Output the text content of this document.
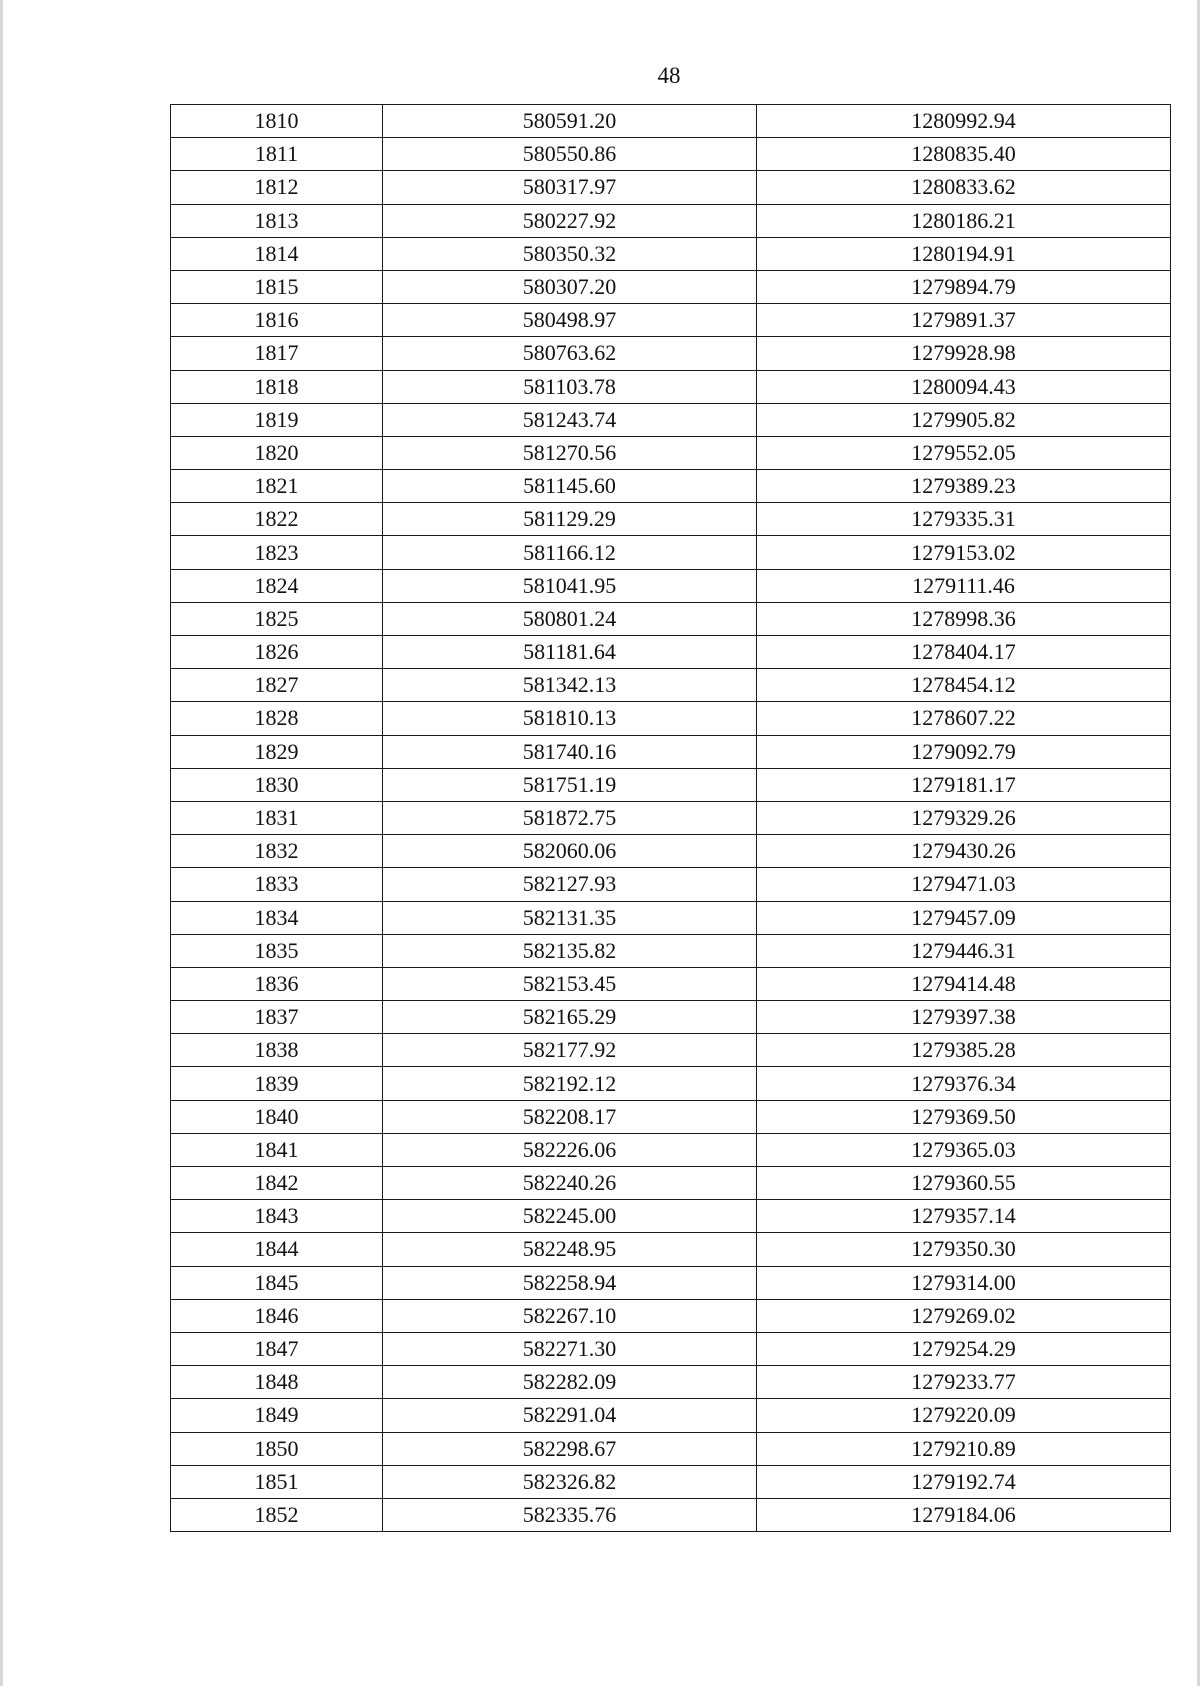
48
1810	580591.20	1280992.94
1811	580550.86	1280835.40
1812	580317.97	1280833.62
1813	580227.92	1280186.21
1814	580350.32	1280194.91
1815	580307.20	1279894.79
1816	580498.97	1279891.37
1817	580763.62	1279928.98
1818	581103.78	1280094.43
1819	581243.74	1279905.82
1820	581270.56	1279552.05
1821	581145.60	1279389.23
1822	581129.29	1279335.31
1823	581166.12	1279153.02
1824	581041.95	1279111.46
1825	580801.24	1278998.36
1826	581181.64	1278404.17
1827	581342.13	1278454.12
1828	581810.13	1278607.22
1829	581740.16	1279092.79
1830	581751.19	1279181.17
1831	581872.75	1279329.26
1832	582060.06	1279430.26
1833	582127.93	1279471.03
1834	582131.35	1279457.09
1835	582135.82	1279446.31
1836	582153.45	1279414.48
1837	582165.29	1279397.38
1838	582177.92	1279385.28
1839	582192.12	1279376.34
1840	582208.17	1279369.50
1841	582226.06	1279365.03
1842	582240.26	1279360.55
1843	582245.00	1279357.14
1844	582248.95	1279350.30
1845	582258.94	1279314.00
1846	582267.10	1279269.02
1847	582271.30	1279254.29
1848	582282.09	1279233.77
1849	582291.04	1279220.09
1850	582298.67	1279210.89
1851	582326.82	1279192.74
1852	582335.76	1279184.06
